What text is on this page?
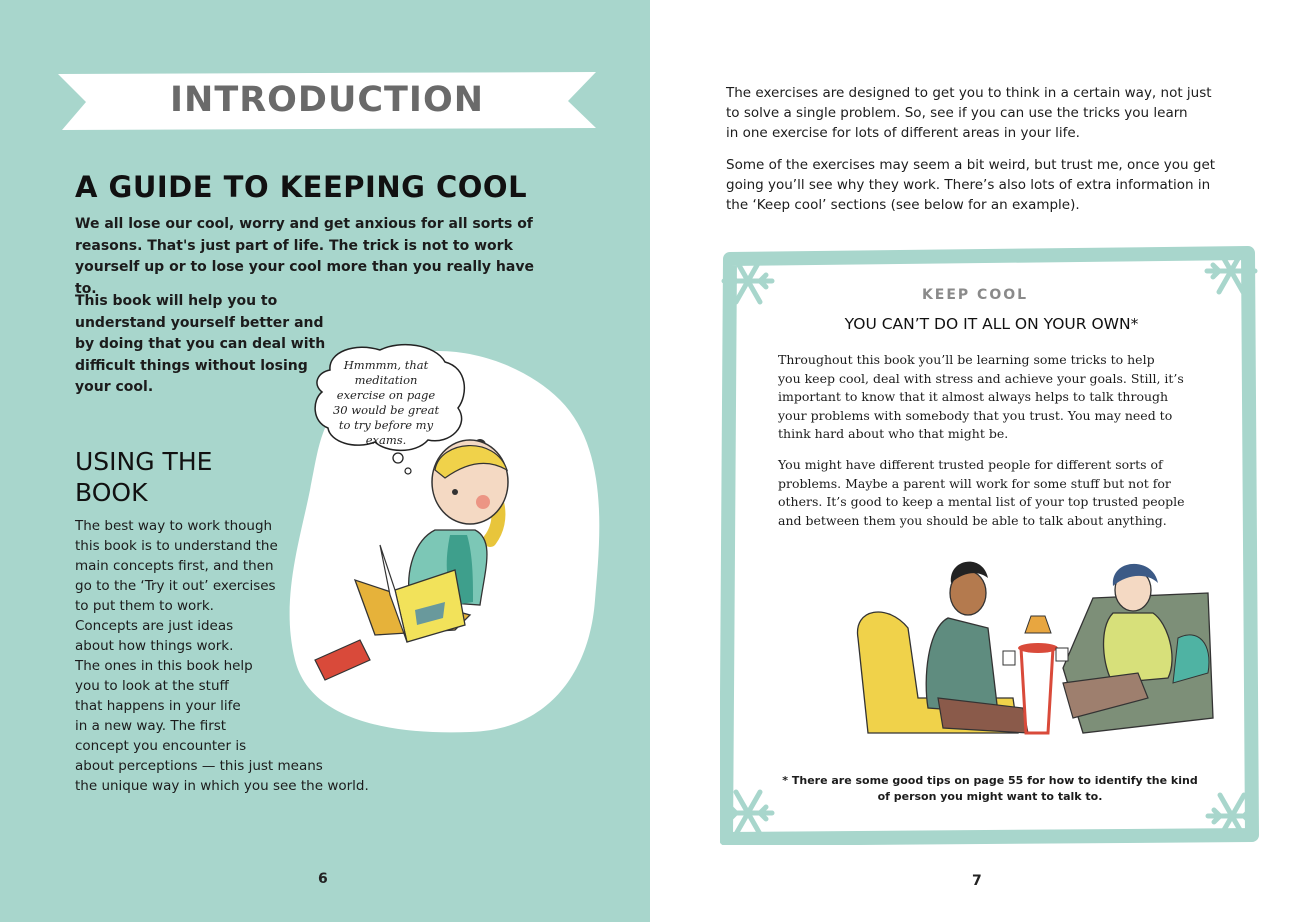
INTRODUCTION
A GUIDE TO KEEPING COOL

We all lose our cool, worry and get anxious for all sorts of reasons. That's just part of life. The trick is not to work yourself up or to lose your cool more than you really have to.

This book will help you to understand yourself better and by doing that you can deal with difficult things without losing your cool.

Hmmmm, that meditation exercise on page 30 would be great to try before my exams.
USING THE BOOK
The best way to work though
this book is to understand the
main concepts first, and then
go to the ‘Try it out’ exercises
to put them to work.
Concepts are just ideas
about how things work.
The ones in this book help
you to look at the stuff
that happens in your life
in a new way. The first
concept you encounter is
about perceptions — this just means
the unique way in which you see the world.
6
The exercises are designed to get you to think in a certain way, not just
to solve a single problem. So, see if you can use the tricks you learn
in one exercise for lots of different areas in your life.
Some of the exercises may seem a bit weird, but trust me, once you get
going you’ll see why they work. There’s also lots of extra information in
the ‘Keep cool’ sections (see below for an example).
KEEP COOL
YOU CAN’T DO IT ALL ON YOUR OWN*
Throughout this book you’ll be learning some tricks to help
you keep cool, deal with stress and achieve your goals. Still, it’s
important to know that it almost always helps to talk through
your problems with somebody that you trust. You may need to
think hard about who that might be.
You might have different trusted people for different sorts of
problems. Maybe a parent will work for some stuff but not for
others. It’s good to keep a mental list of your top trusted people
and between them you should be able to talk about anything.
* There are some good tips on page 55 for how to identify the kind
of person you might want to talk to.
7
